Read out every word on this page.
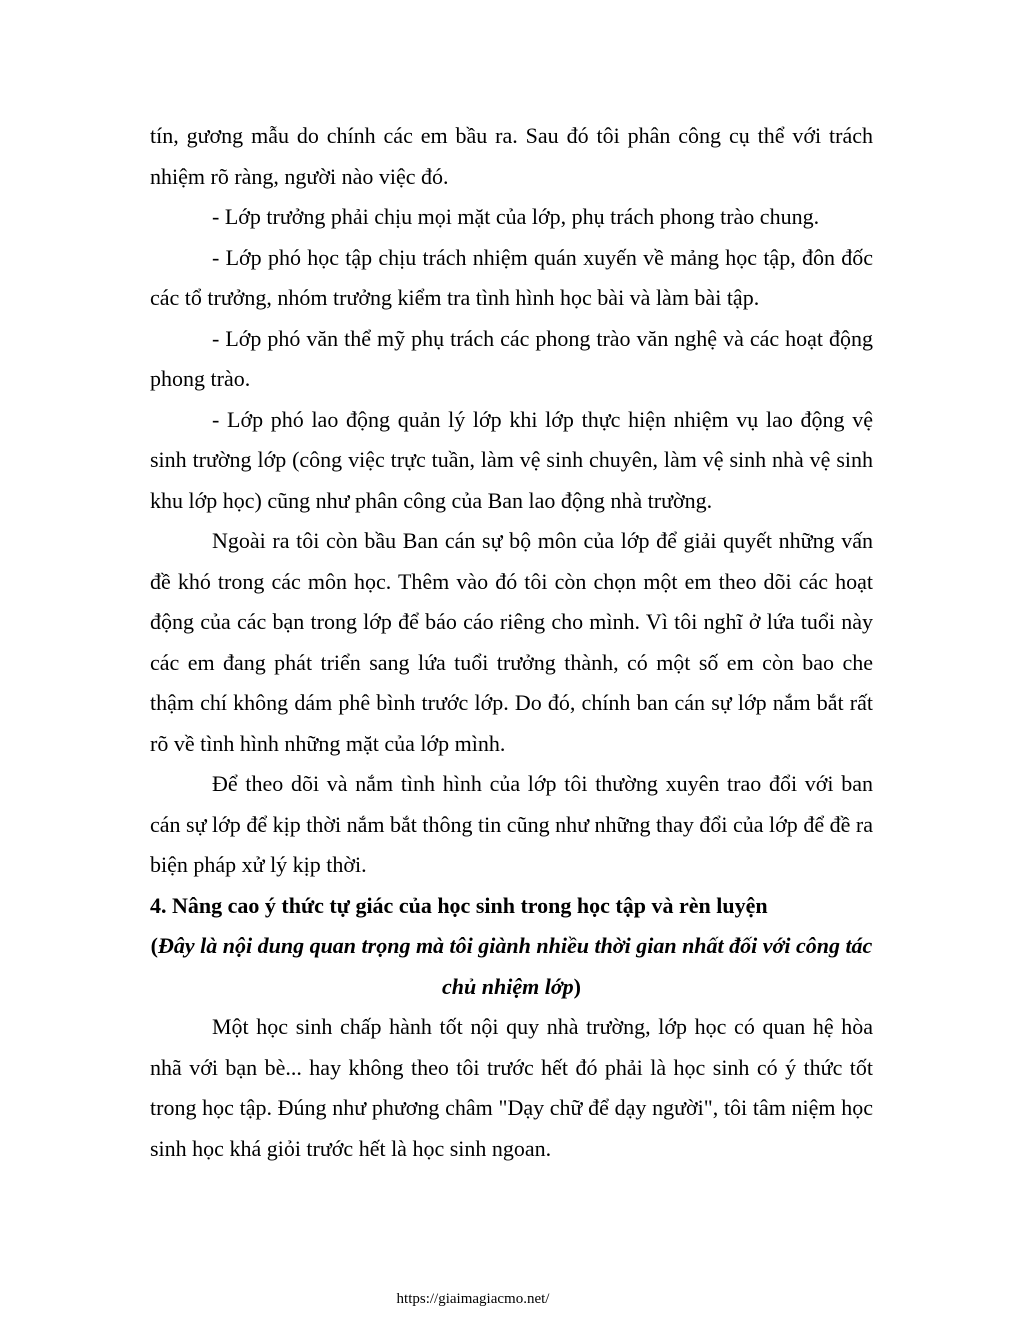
tín, gương mẫu do chính các em bầu ra. Sau đó tôi phân công cụ thể với trách nhiệm rõ ràng, người nào việc đó.

- Lớp trưởng phải chịu mọi mặt của lớp, phụ trách phong trào chung.

- Lớp phó học tập chịu trách nhiệm quán xuyến về mảng học tập, đôn đốc các tổ trưởng, nhóm trưởng kiểm tra tình hình học bài và làm bài tập.

- Lớp phó văn thể mỹ phụ trách các phong trào văn nghệ và các hoạt động phong trào.

- Lớp phó lao động quản lý lớp khi lớp thực hiện nhiệm vụ lao động vệ sinh trường lớp (công việc trực tuần, làm vệ sinh chuyên, làm vệ sinh nhà vệ sinh khu lớp học) cũng như phân công của Ban lao động nhà trường.

Ngoài ra tôi còn bầu Ban cán sự bộ môn của lớp để giải quyết những vấn đề khó trong các môn học. Thêm vào đó tôi còn chọn một em theo dõi các hoạt động của các bạn trong lớp để báo cáo riêng cho mình. Vì tôi nghĩ ở lứa tuổi này các em đang phát triển sang lứa tuổi trưởng thành, có một số em còn bao che thậm chí không dám phê bình trước lớp. Do đó, chính ban cán sự lớp nắm bắt rất rõ về tình hình những mặt của lớp mình.

Để theo dõi và nắm tình hình của lớp tôi thường xuyên trao đổi với ban cán sự lớp để kịp thời nắm bắt thông tin cũng như những thay đổi của lớp để đề ra biện pháp xử lý kịp thời.

4. Nâng cao ý thức tự giác của học sinh trong học tập và rèn luyện

(Đây là nội dung quan trọng mà tôi giành nhiều thời gian nhất đối với công tác chủ nhiệm lớp)

Một học sinh chấp hành tốt nội quy nhà trường, lớp học có quan hệ hòa nhã với bạn bè... hay không theo tôi trước hết đó phải là học sinh có ý thức tốt trong học tập. Đúng như phương châm "Dạy chữ để dạy người", tôi tâm niệm học sinh học khá giỏi trước hết là học sinh ngoan.

https://giaimagiacmo.net/
